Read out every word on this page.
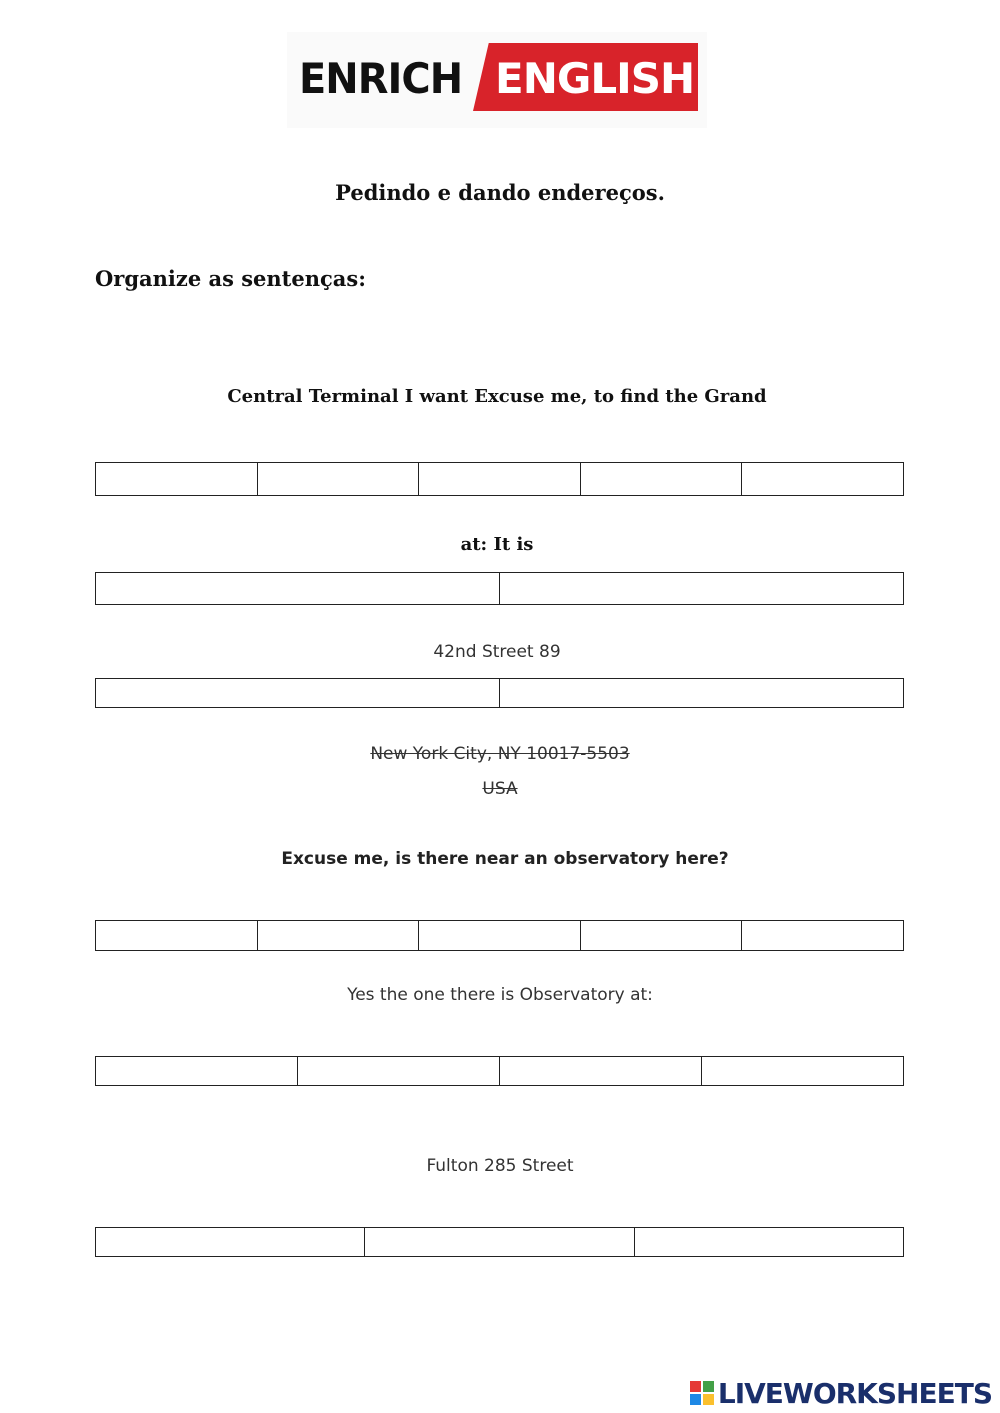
ENRICH ENGLISH
Pedindo e dando endereços.
Organize as sentenças:
Central Terminal I want Excuse me, to find the Grand
at: It is
42nd Street 89
New York City, NY 10017-5503
USA
Excuse me, is there near an observatory here?
Yes the one there is Observatory at:
Fulton 285 Street
LIVEWORKSHEETS
